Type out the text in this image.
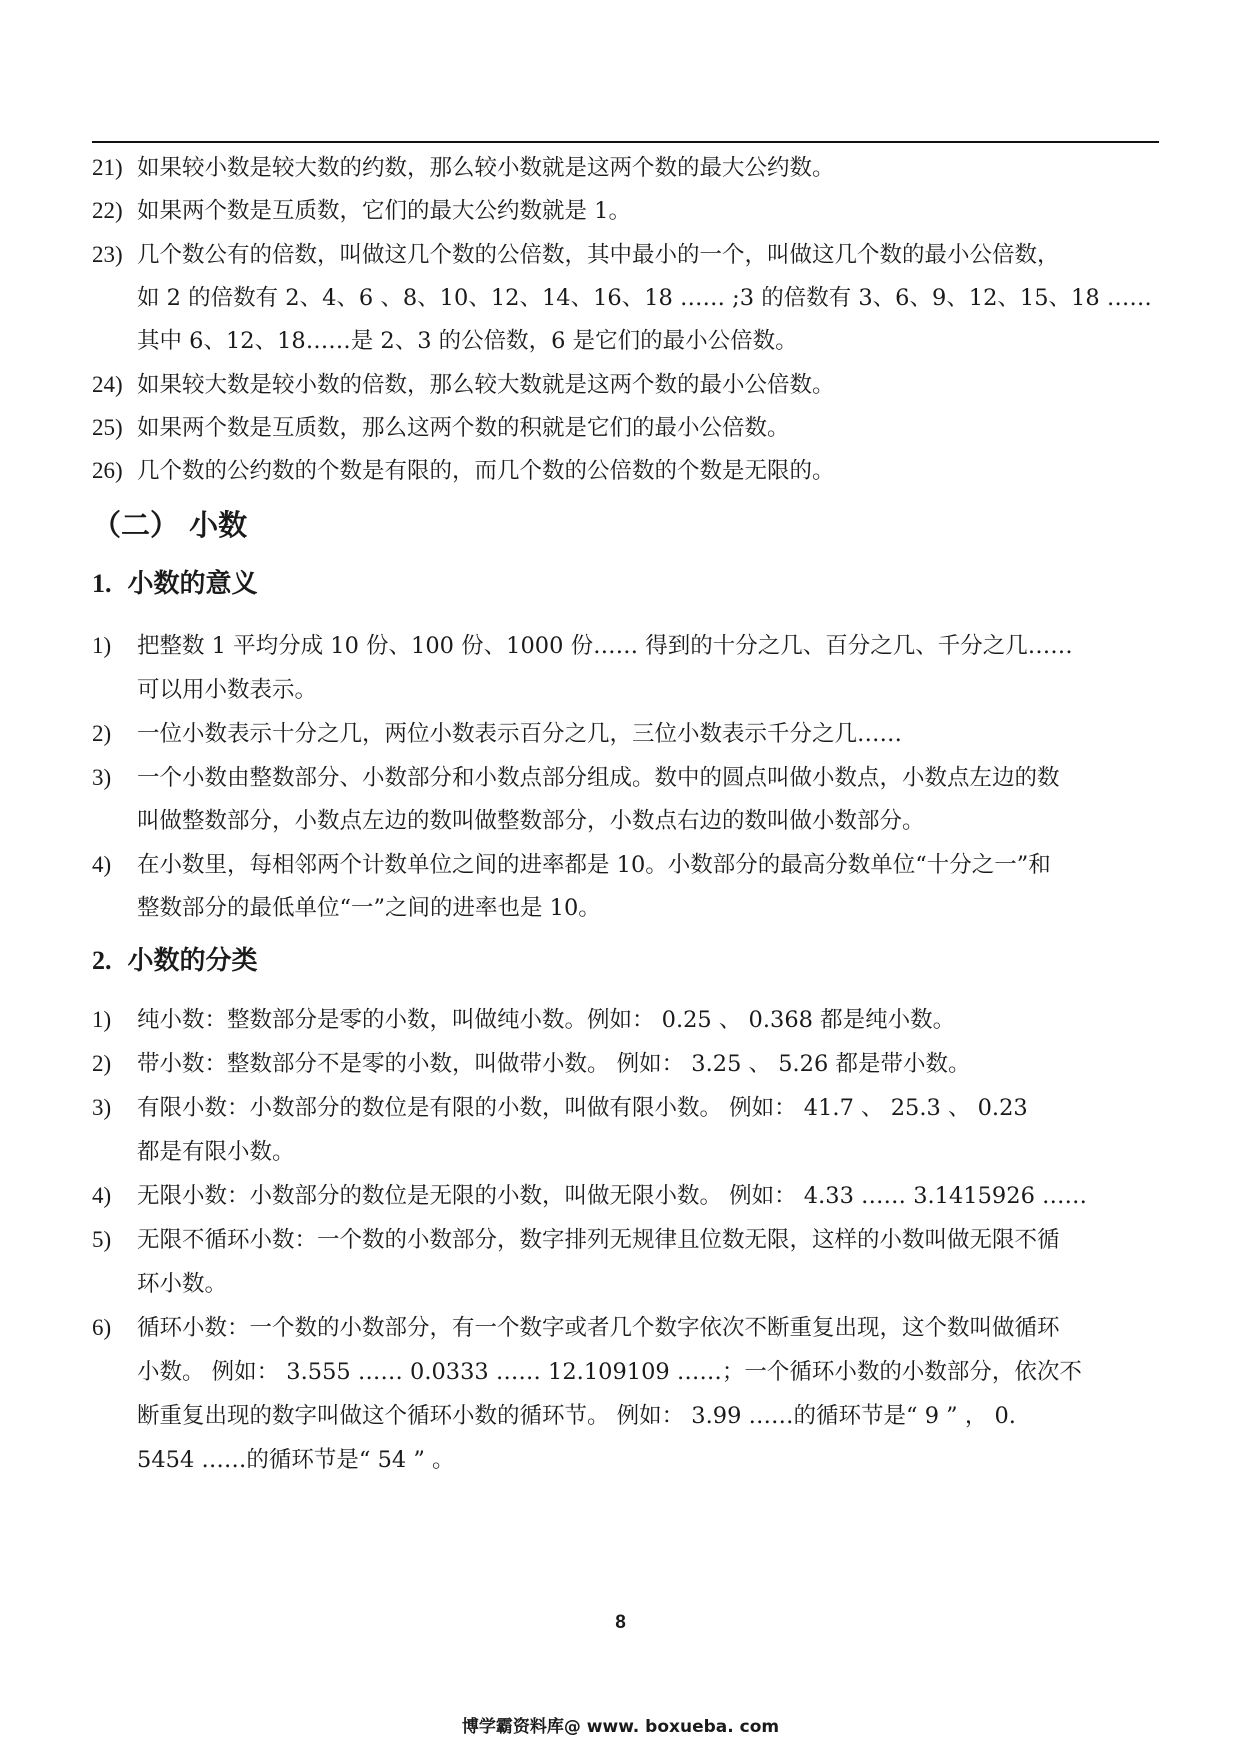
21) 如果较小数是较大数的约数，那么较小数就是这两个数的最大公约数。
22) 如果两个数是互质数，它们的最大公约数就是 1。
23) 几个数公有的倍数，叫做这几个数的公倍数，其中最小的一个，叫做这几个数的最小公倍数，
如 2 的倍数有 2、4、6 、8、10、12、14、16、18 …… ;3 的倍数有 3、6、9、12、15、18 ……
其中 6、12、18……是 2、3 的公倍数，6 是它们的最小公倍数。
24) 如果较大数是较小数的倍数，那么较大数就是这两个数的最小公倍数。
25) 如果两个数是互质数，那么这两个数的积就是它们的最小公倍数。
26) 几个数的公约数的个数是有限的，而几个数的公倍数的个数是无限的。
（二） 小数
1. 小数的意义
1) 把整数 1 平均分成 10 份、100 份、1000 份…… 得到的十分之几、百分之几、千分之几……
可以用小数表示。
2) 一位小数表示十分之几，两位小数表示百分之几，三位小数表示千分之几……
3) 一个小数由整数部分、小数部分和小数点部分组成。数中的圆点叫做小数点，小数点左边的数
叫做整数部分，小数点左边的数叫做整数部分，小数点右边的数叫做小数部分。
4) 在小数里，每相邻两个计数单位之间的进率都是 10。小数部分的最高分数单位“十分之一”和
整数部分的最低单位“一”之间的进率也是 10。
2. 小数的分类
1) 纯小数：整数部分是零的小数，叫做纯小数。例如： 0.25 、 0.368 都是纯小数。
2) 带小数：整数部分不是零的小数，叫做带小数。 例如： 3.25 、 5.26 都是带小数。
3) 有限小数：小数部分的数位是有限的小数，叫做有限小数。 例如： 41.7 、 25.3 、 0.23
都是有限小数。
4) 无限小数：小数部分的数位是无限的小数，叫做无限小数。 例如： 4.33 …… 3.1415926 ……
5) 无限不循环小数：一个数的小数部分，数字排列无规律且位数无限，这样的小数叫做无限不循
环小数。
6) 循环小数：一个数的小数部分，有一个数字或者几个数字依次不断重复出现，这个数叫做循环
小数。 例如： 3.555 …… 0.0333 …… 12.109109 ……；一个循环小数的小数部分，依次不
断重复出现的数字叫做这个循环小数的循环节。 例如： 3.99 ……的循环节是“ 9 ” ， 0.
5454 ……的循环节是“ 54 ” 。
8
博学霸资料库@ www. boxueba. com
